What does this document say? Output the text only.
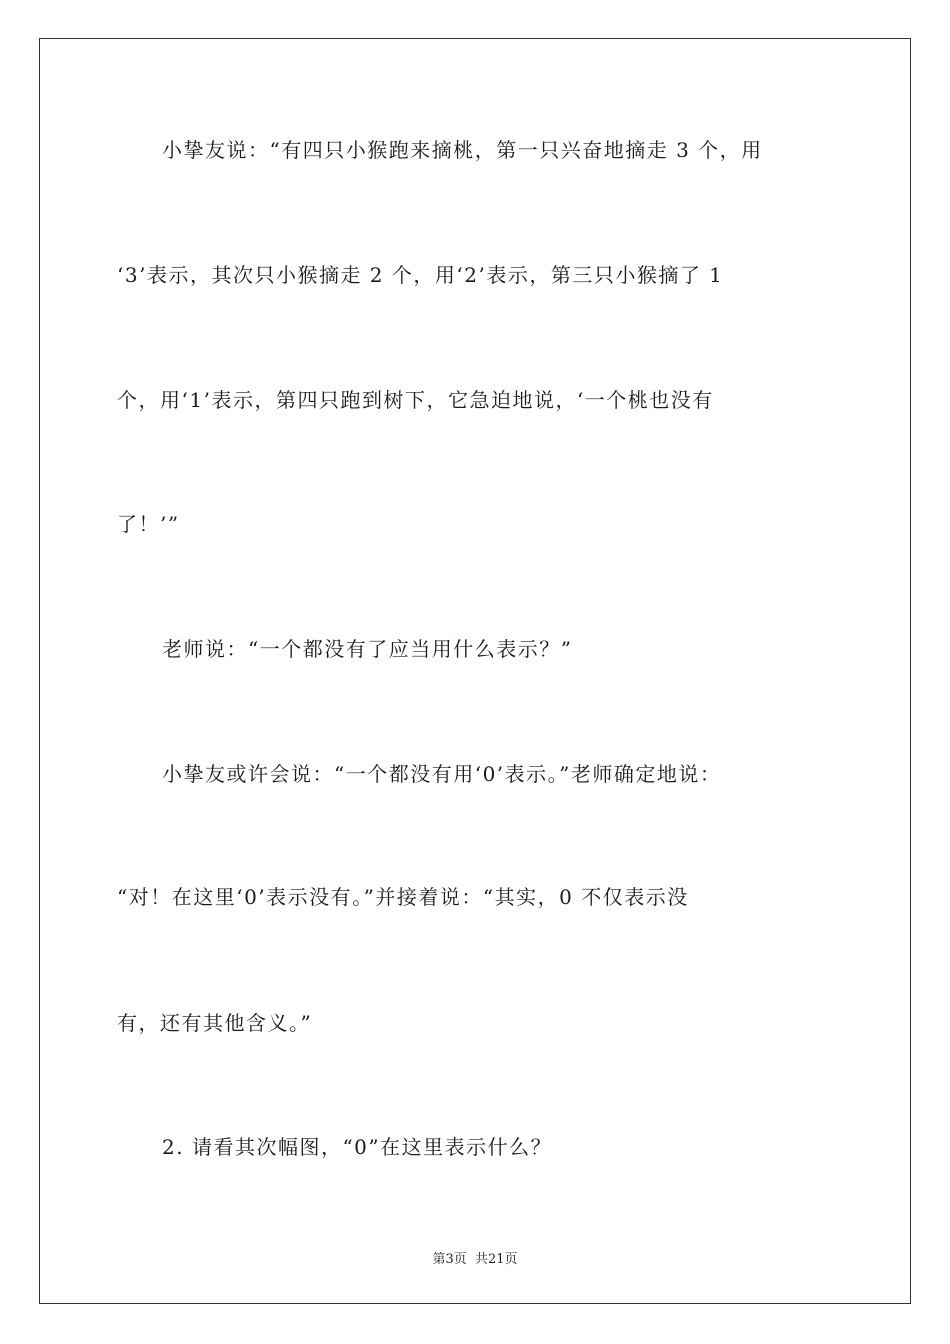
小挚友说：“有四只小猴跑来摘桃，第一只兴奋地摘走 3 个，用
‘3’表示，其次只小猴摘走 2 个，用‘2’表示，第三只小猴摘了 1
个，用‘1’表示，第四只跑到树下，它急迫地说，‘一个桃也没有
了！’”
老师说：“一个都没有了应当用什么表示？”
小挚友或许会说：“一个都没有用‘0’表示。”老师确定地说：
“对！在这里‘0’表示没有。”并接着说：“其实，0 不仅表示没
有，还有其他含义。”
2. 请看其次幅图，“0”在这里表示什么？
第3页 共21页
